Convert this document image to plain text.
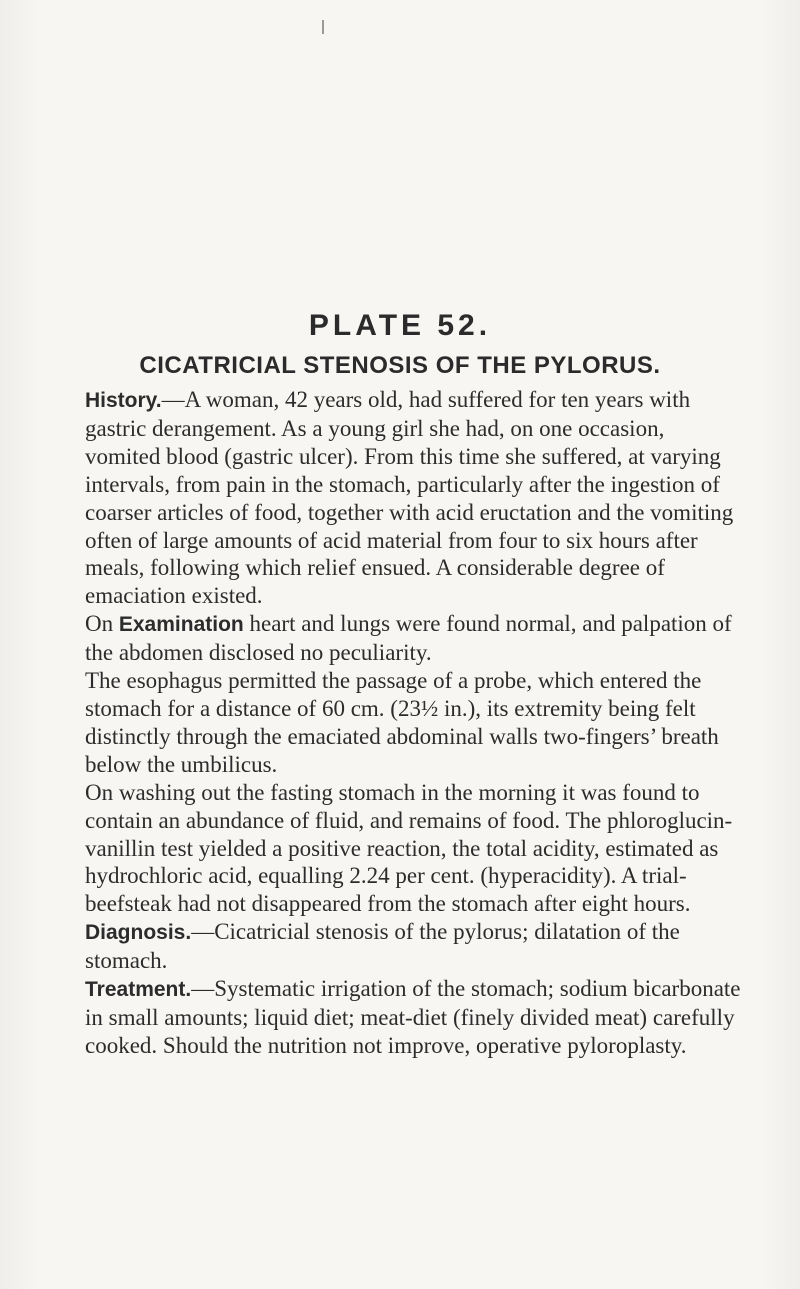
PLATE 52.
CICATRICIAL STENOSIS OF THE PYLORUS.

History.—A woman, 42 years old, had suffered for ten years with gastric derangement. As a young girl she had, on one occasion, vomited blood (gastric ulcer). From this time she suffered, at varying intervals, from pain in the stomach, particularly after the ingestion of coarser articles of food, together with acid eructation and the vomiting often of large amounts of acid material from four to six hours after meals, following which relief ensued. A considerable degree of emaciation existed.

On Examination heart and lungs were found normal, and palpation of the abdomen disclosed no peculiarity.

The esophagus permitted the passage of a probe, which entered the stomach for a distance of 60 cm. (23½ in.), its extremity being felt distinctly through the emaciated abdominal walls two-fingers’ breath below the umbilicus.

On washing out the fasting stomach in the morning it was found to contain an abundance of fluid, and remains of food. The phloroglucin-vanillin test yielded a positive reaction, the total acidity, estimated as hydrochloric acid, equalling 2.24 per cent. (hyperacidity). A trial-beefsteak had not disappeared from the stomach after eight hours.

Diagnosis.—Cicatricial stenosis of the pylorus; dilatation of the stomach.

Treatment.—Systematic irrigation of the stomach; sodium bicarbonate in small amounts; liquid diet; meat-diet (finely divided meat) carefully cooked. Should the nutrition not improve, operative pyloroplasty.
